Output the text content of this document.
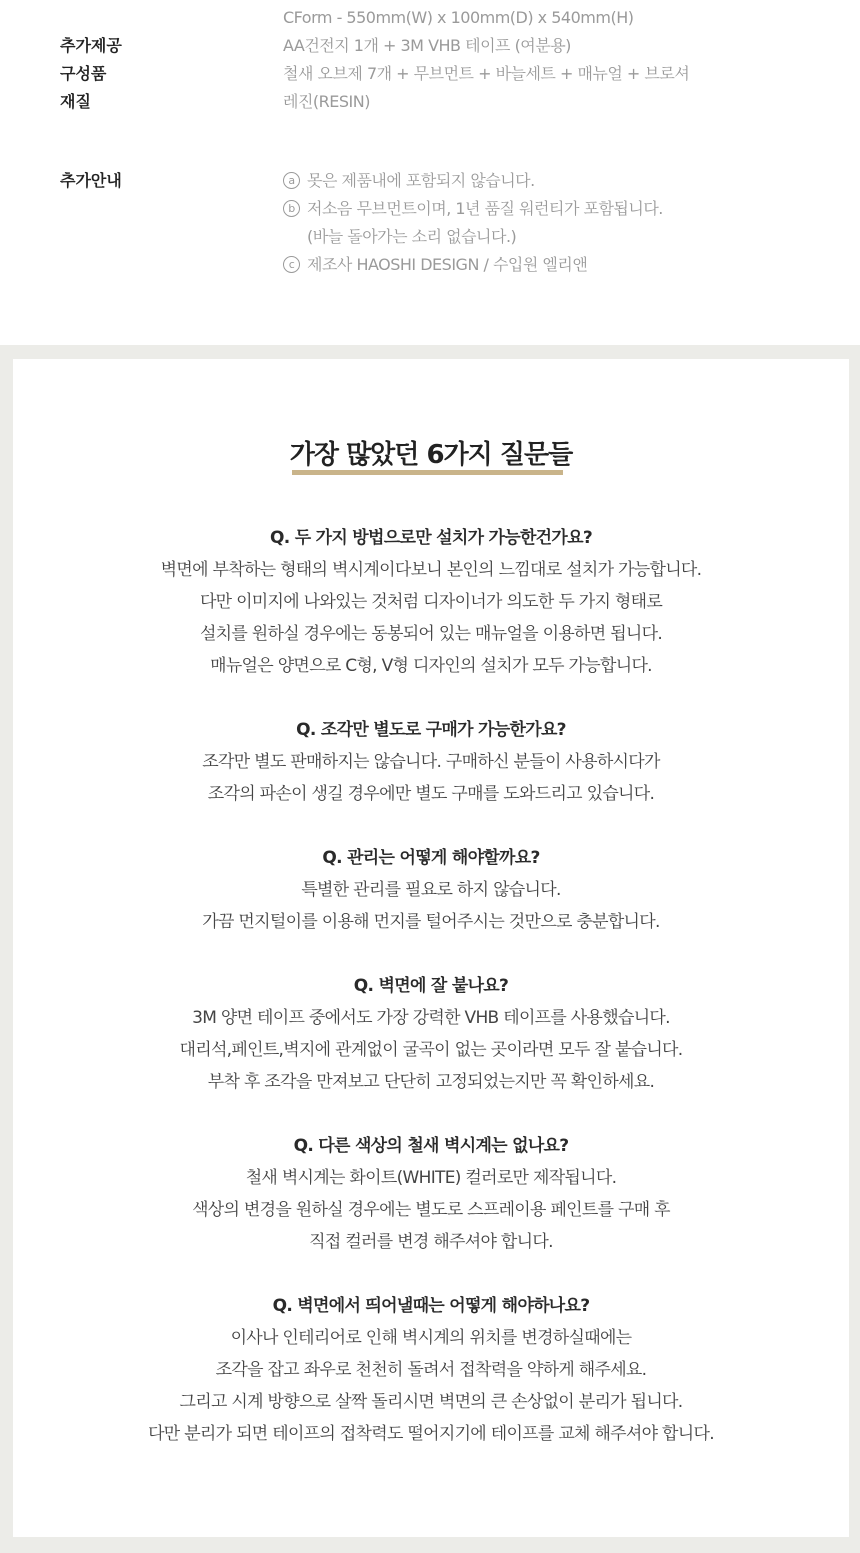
CForm - 550mm(W) x 100mm(D) x 540mm(H)
추가제공	AA건전지 1개 + 3M VHB 테이프 (여분용)
구성품	철새 오브제 7개 + 무브먼트 + 바늘세트 + 매뉴얼 + 브로셔
재질	레진(RESIN)
추가안내	a 못은 제품내에 포함되지 않습니다.
b 저소음 무브먼트이며, 1년 품질 워런티가 포함됩니다.
(바늘 돌아가는 소리 없습니다.)
c 제조사 HAOSHI DESIGN / 수입원 엘리앤
가장 많았던 6가지 질문들
Q. 두 가지 방법으로만 설치가 가능한건가요?
벽면에 부착하는 형태의 벽시계이다보니 본인의 느낌대로 설치가 가능합니다.
다만 이미지에 나와있는 것처럼 디자이너가 의도한 두 가지 형태로
설치를 원하실 경우에는 동봉되어 있는 매뉴얼을 이용하면 됩니다.
매뉴얼은 양면으로 C형, V형 디자인의 설치가 모두 가능합니다.
Q. 조각만 별도로 구매가 가능한가요?
조각만 별도 판매하지는 않습니다. 구매하신 분들이 사용하시다가
조각의 파손이 생길 경우에만 별도 구매를 도와드리고 있습니다.
Q. 관리는 어떻게 해야할까요?
특별한 관리를 필요로 하지 않습니다.
가끔 먼지털이를 이용해 먼지를 털어주시는 것만으로 충분합니다.
Q. 벽면에 잘 붙나요?
3M 양면 테이프 중에서도 가장 강력한 VHB 테이프를 사용했습니다.
대리석,페인트,벽지에 관계없이 굴곡이 없는 곳이라면 모두 잘 붙습니다.
부착 후 조각을 만져보고 단단히 고정되었는지만 꼭 확인하세요.
Q. 다른 색상의 철새 벽시계는 없나요?
철새 벽시계는 화이트(WHITE) 컬러로만 제작됩니다.
색상의 변경을 원하실 경우에는 별도로 스프레이용 페인트를 구매 후
직접 컬러를 변경 해주셔야 합니다.
Q. 벽면에서 띄어낼때는 어떻게 해야하나요?
이사나 인테리어로 인해 벽시계의 위치를 변경하실때에는
조각을 잡고 좌우로 천천히 돌려서 접착력을 약하게 해주세요.
그리고 시계 방향으로 살짝 돌리시면 벽면의 큰 손상없이 분리가 됩니다.
다만 분리가 되면 테이프의 접착력도 떨어지기에 테이프를 교체 해주셔야 합니다.
